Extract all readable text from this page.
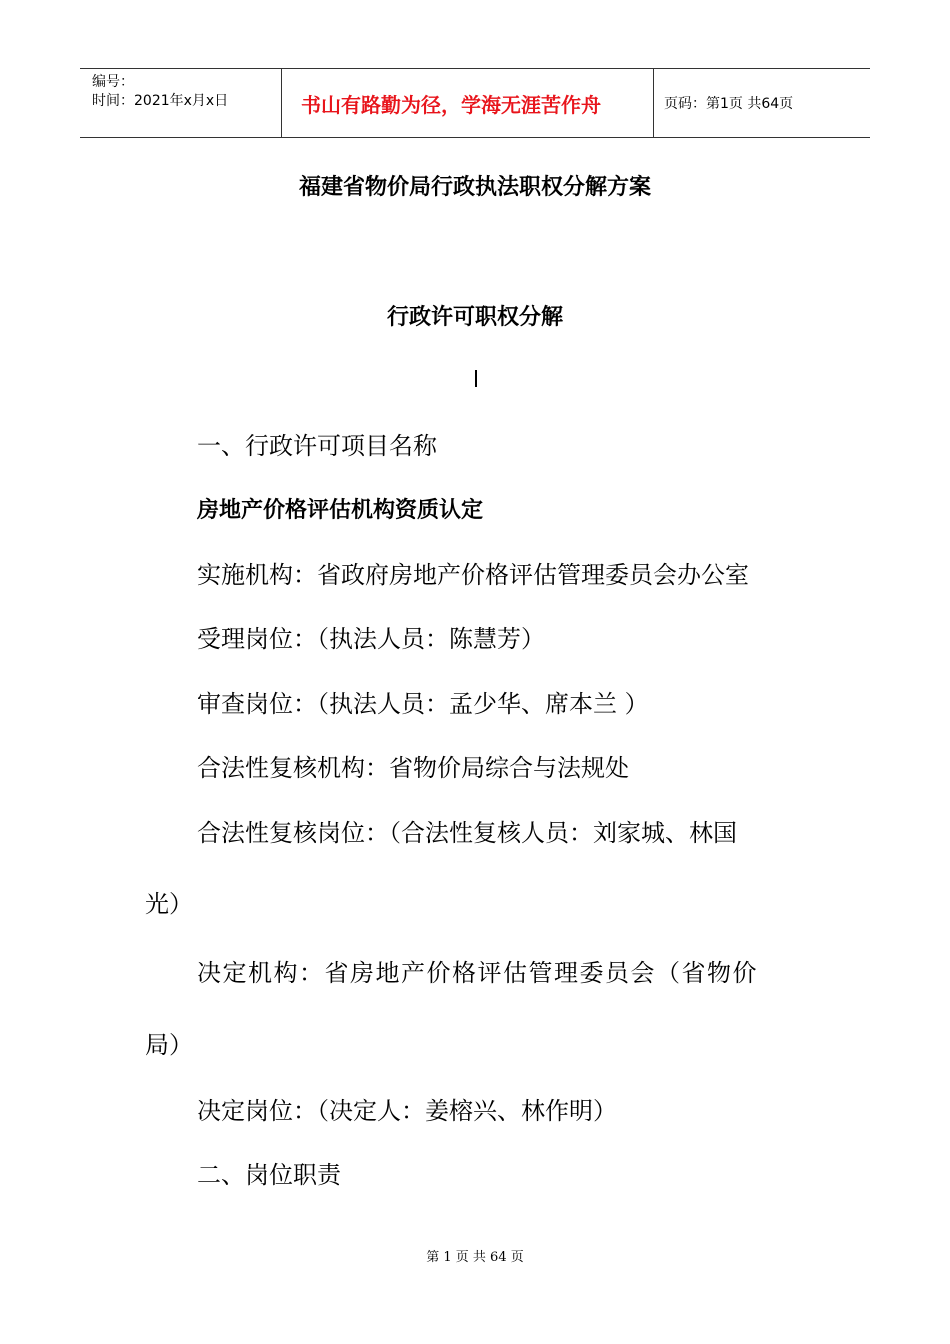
编号：
时间：2021年x月x日	书山有路勤为径，学海无涯苦作舟	页码：第1页 共64页
福建省物价局行政执法职权分解方案
行政许可职权分解
一、行政许可项目名称
房地产价格评估机构资质认定
实施机构：省政府房地产价格评估管理委员会办公室
受理岗位：（执法人员：陈慧芳）
审查岗位：（执法人员：孟少华、席本兰 ）
合法性复核机构：省物价局综合与法规处
合法性复核岗位：（合法性复核人员：刘家城、林国
光）
决定机构：省房地产价格评估管理委员会（省物价
局）
决定岗位：（决定人：姜榕兴、林作明）
二、岗位职责
第 1 页 共 64 页
